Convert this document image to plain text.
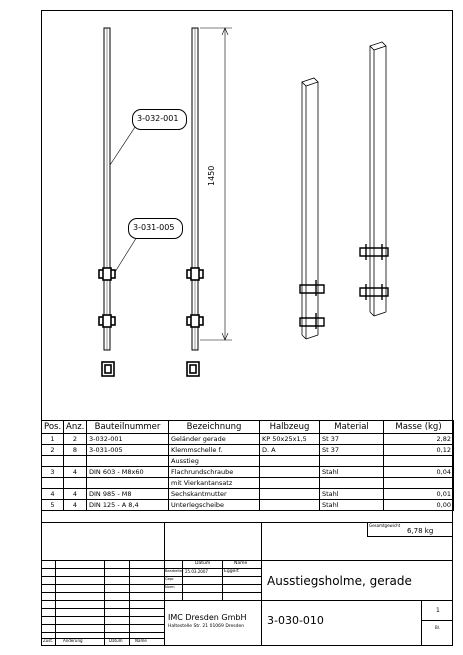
3-032-001
3-031-005
1450
Pos.	Anz.	Bauteilnummer	Bezeichnung	Halbzeug	Material	Masse (kg)
1	2	3-032-001	Geländer gerade	KP 50x25x1,5	St 37	2,82
2	8	3-031-005	Klemmschelle f.	D. A	St 37	0,12
			Ausstieg			
3	4	DIN 603 - M8x60	Flachrundschraube		Stahl	0,04
			mit Vierkantansatz			
4	4	DIN 985 - M8	Sechskantmutter		Stahl	0,01
5	4	DIN 125 - A 8,4	Unterlegscheibe		Stahl	0,00
Gesamtgewicht
6,78 kg
Zust. Änderung	Datum	Name
Datum	Name
Bearbeitet 25.03.2007	Eggert
Gepr.
Norm	Ausstiegsholme, gerade
IMC Dresden GmbH
Haltestelle Str. 21 01069 Dresden 3-030-010
1
Bl.
